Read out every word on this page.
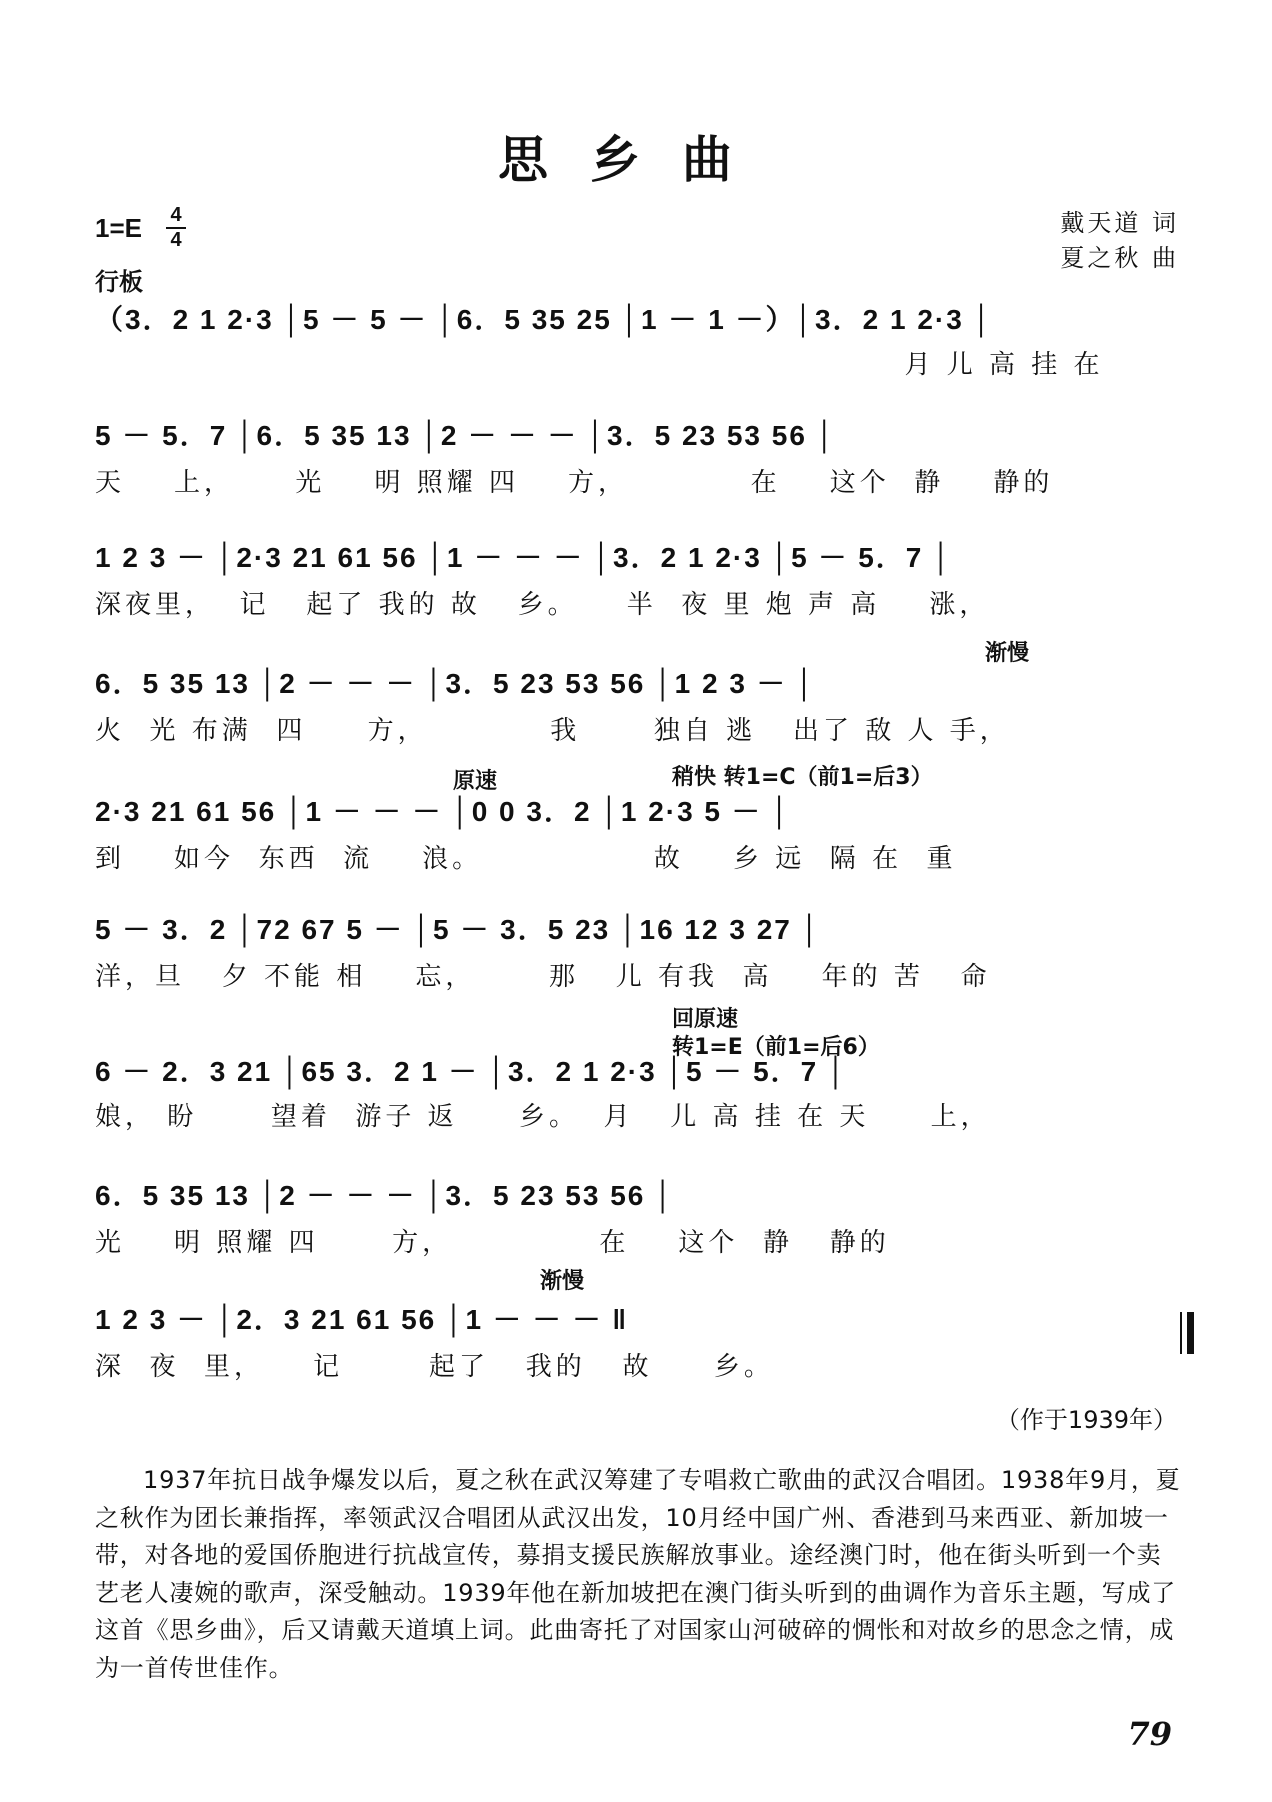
思乡曲
1=E 4
4
行板
戴天道 词
夏之秋 曲
（3．2 1 2·3 │5 － 5 － │6．5 35 25 │1 － 1 －）│3．2 1 2·3 │
月 儿 高 挂 在
5 － 5．7 │6．5 35 13 │2 － － － │3．5 23 53 56 │
天    上，     光    明 照耀 四    方，          在    这个  静    静的
1 2 3 － │2·3 21 61 56 │1 － － － │3．2 1 2·3 │5 － 5．7 │
深夜里，  记   起了 我的 故   乡。    半  夜 里 炮 声 高    涨，
渐慢
6．5 35 13 │2 － － － │3．5 23 53 56 │1 2 3 － │
火  光 布满  四     方，          我      独自 逃   出了 敌 人 手，
原速	稍快 转1=C（前1=后3）
2·3 21 61 56 │1 － － － │0 0 3．2 │1 2·3 5 － │
到    如今  东西  流    浪。              故    乡 远  隔 在  重
5 － 3．2 │72 67 5 － │5 － 3．5 23 │16 12 3 27 │
洋，旦   夕 不能 相    忘，      那   儿 有我  高    年的 苦   命
回原速
转1=E（前1=后6）
6 － 2．3 21 │65 3．2 1 － │3．2 1 2·3 │5 － 5．7 │
娘， 盼      望着  游子 返     乡。  月   儿 高 挂 在 天     上，
6．5 35 13 │2 － － － │3．5 23 53 56 │
光    明 照耀 四      方，            在    这个  静   静的
渐慢
1 2 3 － │2．3 21 61 56 │1 － － － ‖
深  夜  里，    记       起了   我的   故     乡。
（作于1939年）

1937年抗日战争爆发以后，夏之秋在武汉筹建了专唱救亡歌曲的武汉合唱团。1938年9月，夏之秋作为团长兼指挥，率领武汉合唱团从武汉出发，10月经中国广州、香港到马来西亚、新加坡一带，对各地的爱国侨胞进行抗战宣传，募捐支援民族解放事业。途经澳门时，他在街头听到一个卖艺老人凄婉的歌声，深受触动。1939年他在新加坡把在澳门街头听到的曲调作为音乐主题，写成了这首《思乡曲》，后又请戴天道填上词。此曲寄托了对国家山河破碎的惆怅和对故乡的思念之情，成为一首传世佳作。

79
